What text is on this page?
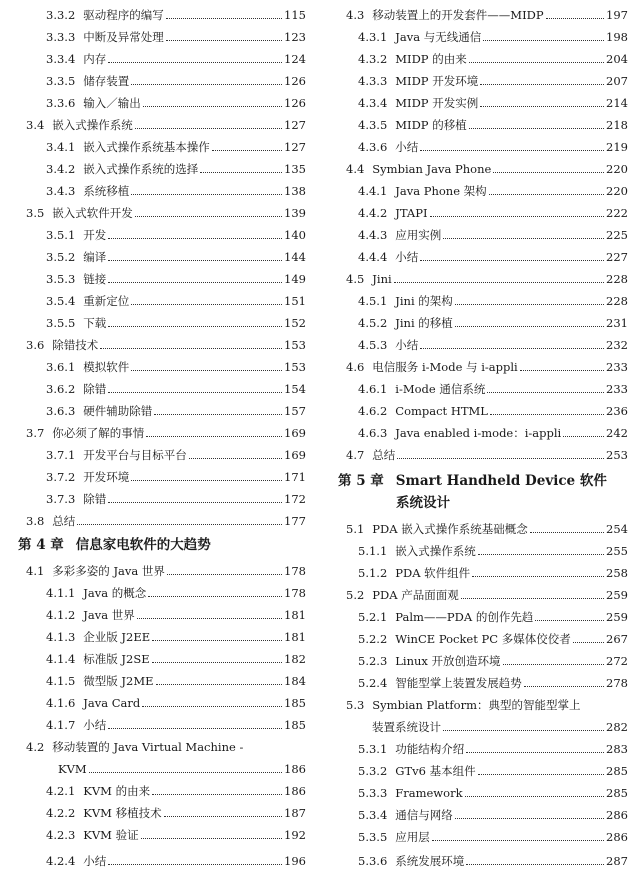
3.3.2 驱动程序的编写	115
3.3.3 中断及异常处理	123
3.3.4 内存	124
3.3.5 储存装置	126
3.3.6 输入／输出	126
3.4 嵌入式操作系统	127
3.4.1 嵌入式操作系统基本操作	127
3.4.2 嵌入式操作系统的选择	135
3.4.3 系统移植	138
3.5 嵌入式软件开发	139
3.5.1 开发	140
3.5.2 编译	144
3.5.3 链接	149
3.5.4 重新定位	151
3.5.5 下载	152
3.6 除错技术	153
3.6.1 模拟软件	153
3.6.2 除错	154
3.6.3 硬件辅助除错	157
3.7 你必须了解的事情	169
3.7.1 开发平台与目标平台	169
3.7.2 开发环境	171
3.7.3 除错	172
3.8 总结	177
第 4 章 信息家电软件的大趋势
4.1 多彩多姿的 Java 世界	178
4.1.1 Java 的概念	178
4.1.2 Java 世界	181
4.1.3 企业版 J2EE	181
4.1.4 标准版 J2SE	182
4.1.5 微型版 J2ME	184
4.1.6 Java Card	185
4.1.7 小结	185
4.2 移动装置的 Java Virtual Machine -
KVM	186
4.2.1 KVM 的由来	186
4.2.2 KVM 移植技术	187
4.2.3 KVM 验证	192
4.2.4 小结	196
4.3 移动装置上的开发套件——MIDP	197
4.3.1 Java 与无线通信	198
4.3.2 MIDP 的由来	204
4.3.3 MIDP 开发环境	207
4.3.4 MIDP 开发实例	214
4.3.5 MIDP 的移植	218
4.3.6 小结	219
4.4 Symbian Java Phone	220
4.4.1 Java Phone 架构	220
4.4.2 JTAPI	222
4.4.3 应用实例	225
4.4.4 小结	227
4.5 Jini	228
4.5.1 Jini 的架构	228
4.5.2 Jini 的移植	231
4.5.3 小结	232
4.6 电信服务 i-Mode 与 i-appli	233
4.6.1 i-Mode 通信系统	233
4.6.2 Compact HTML	236
4.6.3 Java enabled i-mode：i-appli	242
4.7 总结	253
第 5 章 Smart Handheld Device 软件
系统设计
5.1 PDA 嵌入式操作系统基础概念	254
5.1.1 嵌入式操作系统	255
5.1.2 PDA 软件组件	258
5.2 PDA 产品面面观	259
5.2.1 Palm——PDA 的创作先趋	259
5.2.2 WinCE Pocket PC 多媒体佼佼者	267
5.2.3 Linux 开放创造环境	272
5.2.4 智能型掌上装置发展趋势	278
5.3 Symbian Platform：典型的智能型掌上
装置系统设计	282
5.3.1 功能结构介绍	283
5.3.2 GTv6 基本组件	285
5.3.3 Framework	285
5.3.4 通信与网络	286
5.3.5 应用层	286
5.3.6 系统发展环境	287
